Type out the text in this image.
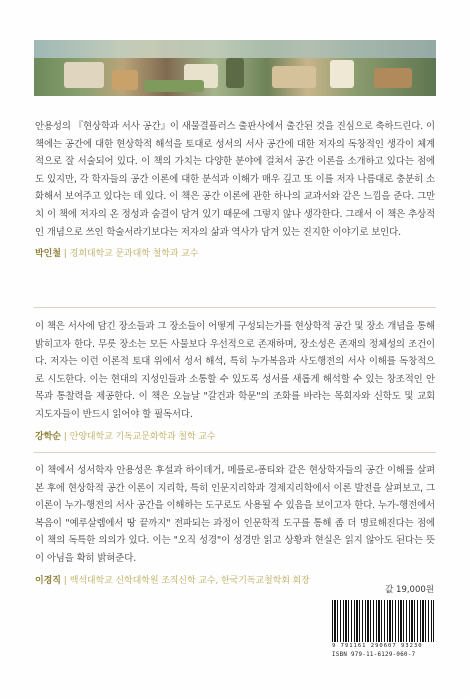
안용성의 『현상학과 서사 공간』이 새물결플러스 출판사에서 출간된 것을 진심으로 축하드린다. 이 책에는 공간에 대한 현상학적 해석을 토대로 성서의 서사 공간에 대한 저자의 독창적인 생각이 체계적으로 잘 서술되어 있다. 이 책의 가치는 다양한 분야에 걸쳐서 공간 이론을 소개하고 있다는 점에도 있지만, 각 학자들의 공간 이론에 대한 분석과 이해가 매우 깊고 또 이를 저자 나름대로 충분히 소화해서 보여주고 있다는 데 있다. 이 책은 공간 이론에 관한 하나의 교과서와 같은 느낌을 준다. 그만치 이 책에 저자의 온 정성과 숨결이 담겨 있기 때문에 그렇지 않나 생각한다. 그래서 이 책은 추상적인 개념으로 쓰인 학술서라기보다는 저자의 삶과 역사가 담겨 있는 진지한 이야기로 보인다.

박인철 | 경희대학교 문과대학 철학과 교수

이 책은 서사에 담긴 장소들과 그 장소들이 어떻게 구성되는가를 현상학적 공간 및 장소 개념을 통해 밝히고자 한다. 무릇 장소는 모든 사물보다 우선적으로 존재하며, 장소성은 존재의 정체성의 조건이다. 저자는 이런 이론적 토대 위에서 성서 해석, 특히 누가복음과 사도행전의 서사 이해를 독창적으로 시도한다. 이는 현대의 지성인들과 소통할 수 있도록 성서를 새롭게 해석할 수 있는 창조적인 안목과 통찰력을 제공한다. 이 책은 오늘날 "갈건과 학문"의 조화를 바라는 목회자와 신학도 및 교회 지도자들이 반드시 읽어야 할 필독서다.

강학순 | 안양대학교 기독교문화학과 철학 교수

이 책에서 성서학자 안용성은 후설과 하이데거, 메를로-퐁티와 같은 현상학자들의 공간 이해를 살펴본 후에 현상학적 공간 이론이 지리학, 특히 인문지리학과 경제지리학에서 이론 발전을 살펴보고, 그 이론이 누가-행전의 서사 공간을 이해하는 도구로도 사용될 수 있음을 보이고자 한다. 누가-행전에서 복음이 "예루살렘에서 땅 끝까지" 전파되는 과정이 인문학적 도구를 통해 좀 더 명료해진다는 점에 이 책의 독특한 의의가 있다. 이는 "오직 성경"이 성경만 읽고 상황과 현실은 읽지 않아도 된다는 뜻이 아님을 확히 밝혀준다.

이경직 | 백석대학교 신학대학원 조직신학 교수, 한국기독교철학회 회장
값 19,000원
9 791161 290607 93230
ISBN 979-11-6129-060-7
